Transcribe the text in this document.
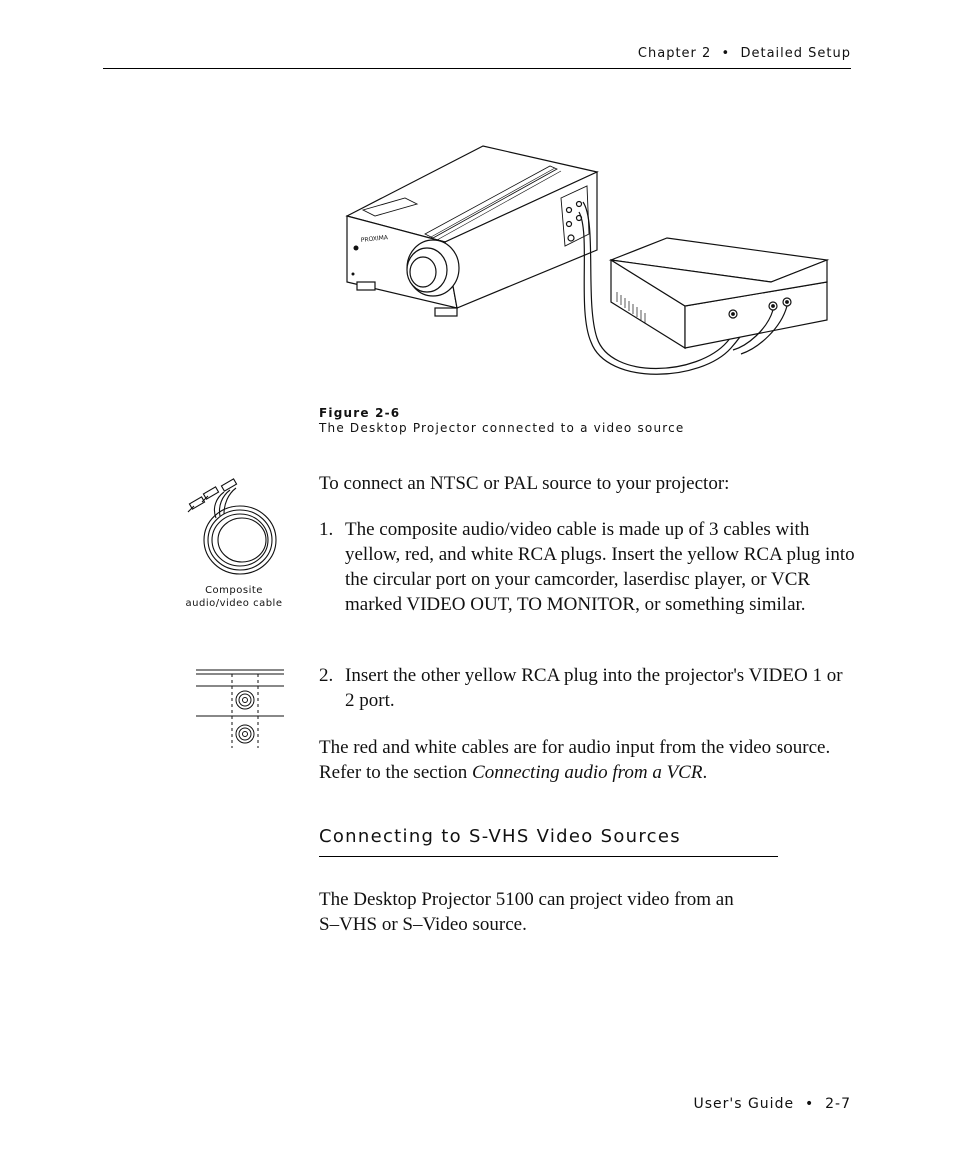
Chapter 2  •  Detailed Setup
PROXIMA
Figure 2-6
The Desktop Projector connected to a video source
Composite
audio/video cable
To connect an NTSC or PAL source to your projector:
1. The composite audio/video cable is made up of 3 cables with yellow, red, and white RCA plugs. Insert the yellow RCA plug into the circular port on your camcorder, laserdisc player, or VCR marked VIDEO OUT, TO MONITOR, or something similar.
2. Insert the other yellow RCA plug into the projector's VIDEO 1 or 2 port.
The red and white cables are for audio input from the video source. Refer to the section Connecting audio from a VCR.
Connecting to S-VHS Video Sources
The Desktop Projector 5100 can project video from an
S–VHS or S–Video source.
User's Guide  •  2-7
